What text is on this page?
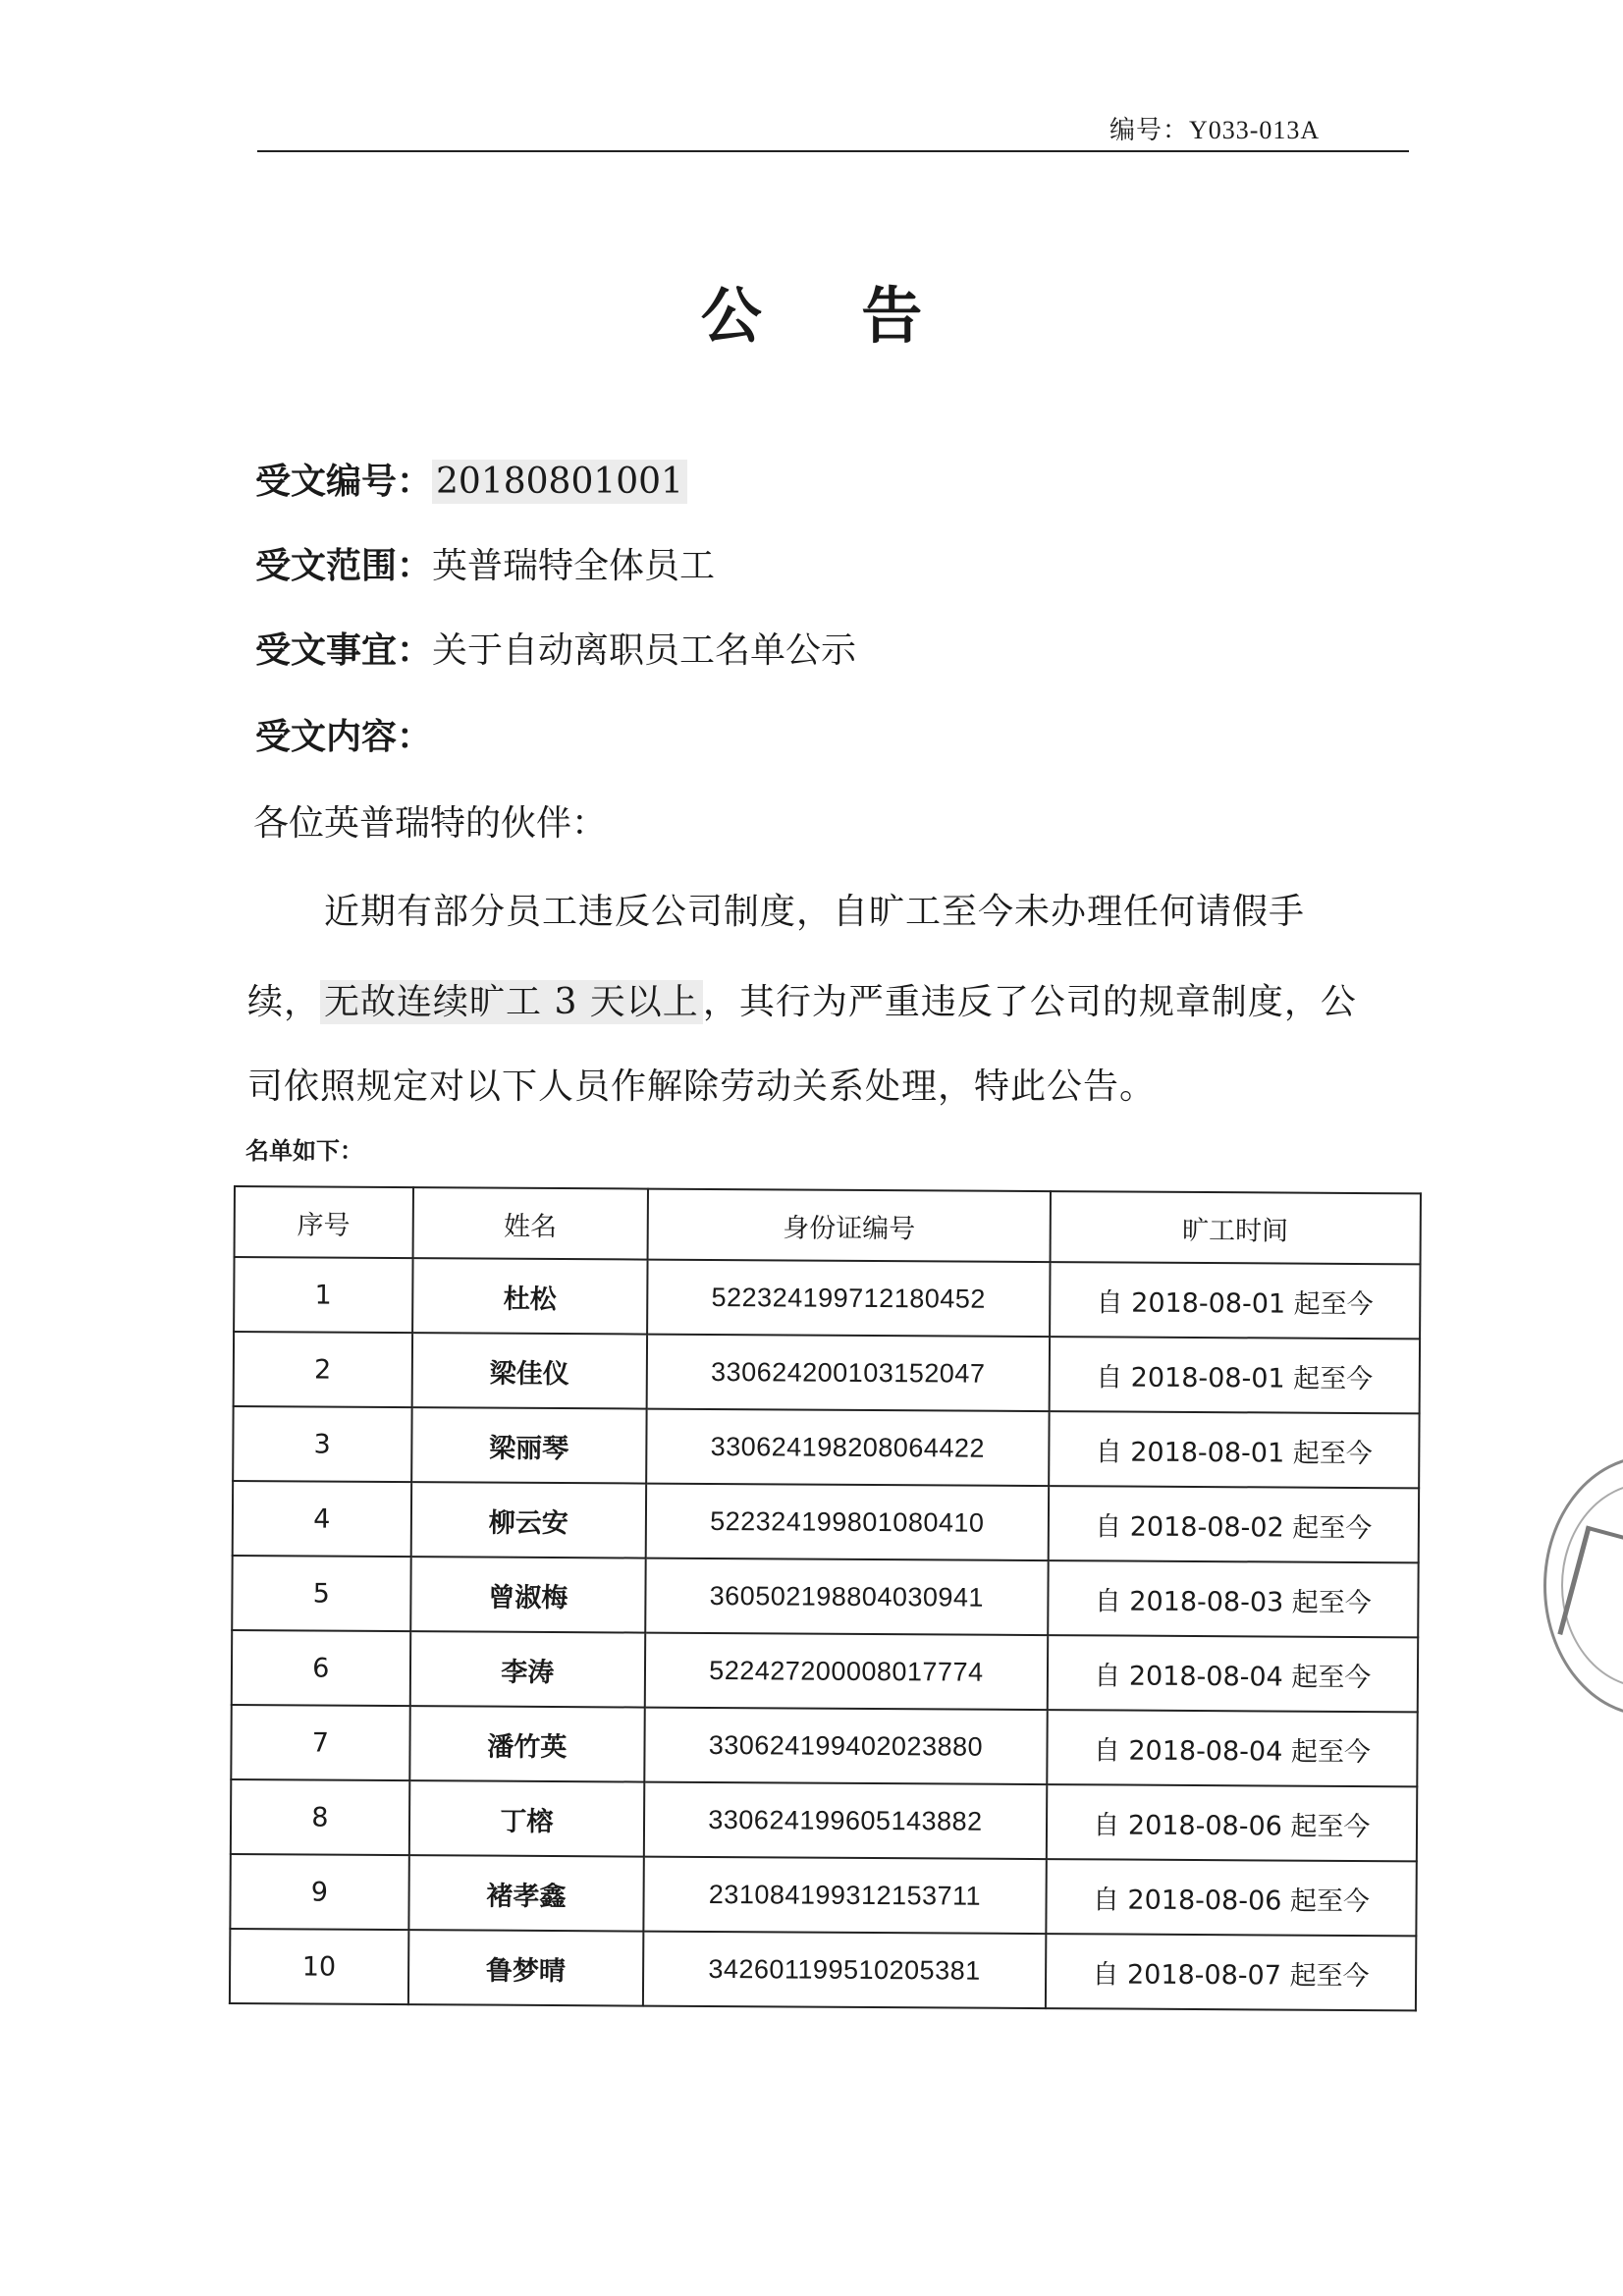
编号：Y033-013A
公 告
受文编号： 20180801001
受文范围：英普瑞特全体员工
受文事宜：关于自动离职员工名单公示
受文内容：
各位英普瑞特的伙伴：
近期有部分员工违反公司制度，自旷工至今未办理任何请假手
续， 无故连续旷工 3 天以上 ，其行为严重违反了公司的规章制度，公
司依照规定对以下人员作解除劳动关系处理，特此公告。
名单如下：
序号	姓名	身份证编号	旷工时间
1	杜松	522324199712180452	自 2018-08-01 起至今
2	梁佳仪	330624200103152047	自 2018-08-01 起至今
3	梁丽琴	330624198208064422	自 2018-08-01 起至今
4	柳云安	522324199801080410	自 2018-08-02 起至今
5	曾淑梅	360502198804030941	自 2018-08-03 起至今
6	李涛	522427200008017774	自 2018-08-04 起至今
7	潘竹英	330624199402023880	自 2018-08-04 起至今
8	丁榕	330624199605143882	自 2018-08-06 起至今
9	褚孝鑫	231084199312153711	自 2018-08-06 起至今
10	鲁梦晴	342601199510205381	自 2018-08-07 起至今
